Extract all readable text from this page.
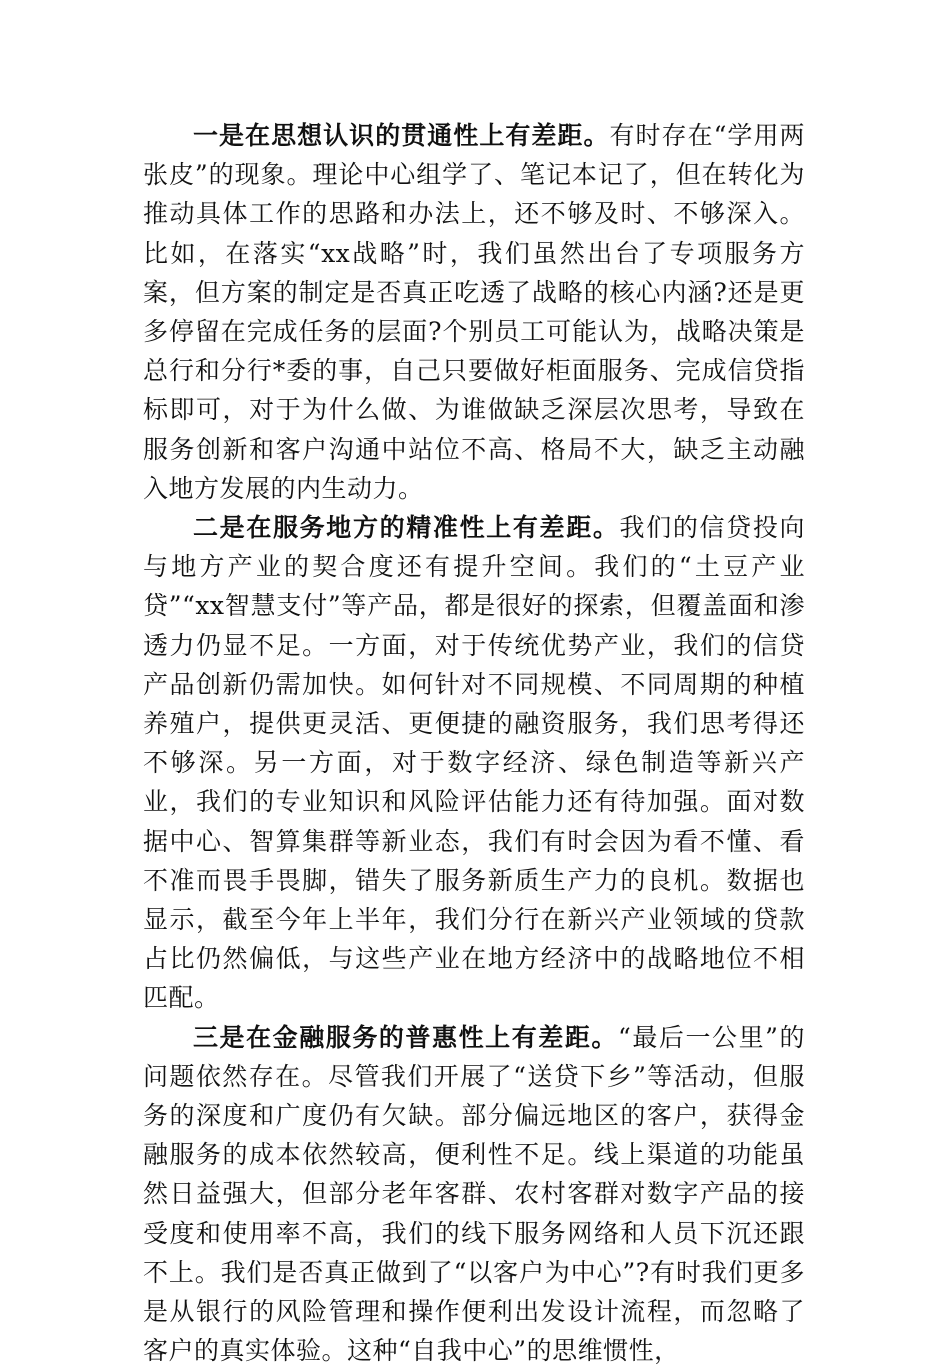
一是在思想认识的贯通性上有差距。有时存在“学用两张皮”的现象。理论中心组学了、笔记本记了，但在转化为推动具体工作的思路和办法上，还不够及时、不够深入。比如，在落实“xx战略”时，我们虽然出台了专项服务方案，但方案的制定是否真正吃透了战略的核心内涵?还是更多停留在完成任务的层面?个别员工可能认为，战略决策是总行和分行*委的事，自己只要做好柜面服务、完成信贷指标即可，对于为什么做、为谁做缺乏深层次思考，导致在服务创新和客户沟通中站位不高、格局不大，缺乏主动融入地方发展的内生动力。

二是在服务地方的精准性上有差距。我们的信贷投向与地方产业的契合度还有提升空间。我们的“土豆产业贷”“xx智慧支付”等产品，都是很好的探索，但覆盖面和渗透力仍显不足。一方面，对于传统优势产业，我们的信贷产品创新仍需加快。如何针对不同规模、不同周期的种植养殖户，提供更灵活、更便捷的融资服务，我们思考得还不够深。另一方面，对于数字经济、绿色制造等新兴产业，我们的专业知识和风险评估能力还有待加强。面对数据中心、智算集群等新业态，我们有时会因为看不懂、看不准而畏手畏脚，错失了服务新质生产力的良机。数据也显示，截至今年上半年，我们分行在新兴产业领域的贷款占比仍然偏低，与这些产业在地方经济中的战略地位不相匹配。

三是在金融服务的普惠性上有差距。“最后一公里”的问题依然存在。尽管我们开展了“送贷下乡”等活动，但服务的深度和广度仍有欠缺。部分偏远地区的客户，获得金融服务的成本依然较高，便利性不足。线上渠道的功能虽然日益强大，但部分老年客群、农村客群对数字产品的接受度和使用率不高，我们的线下服务网络和人员下沉还跟不上。我们是否真正做到了“以客户为中心”?有时我们更多是从银行的风险管理和操作便利出发设计流程，而忽略了客户的真实体验。这种“自我中心”的思维惯性，
